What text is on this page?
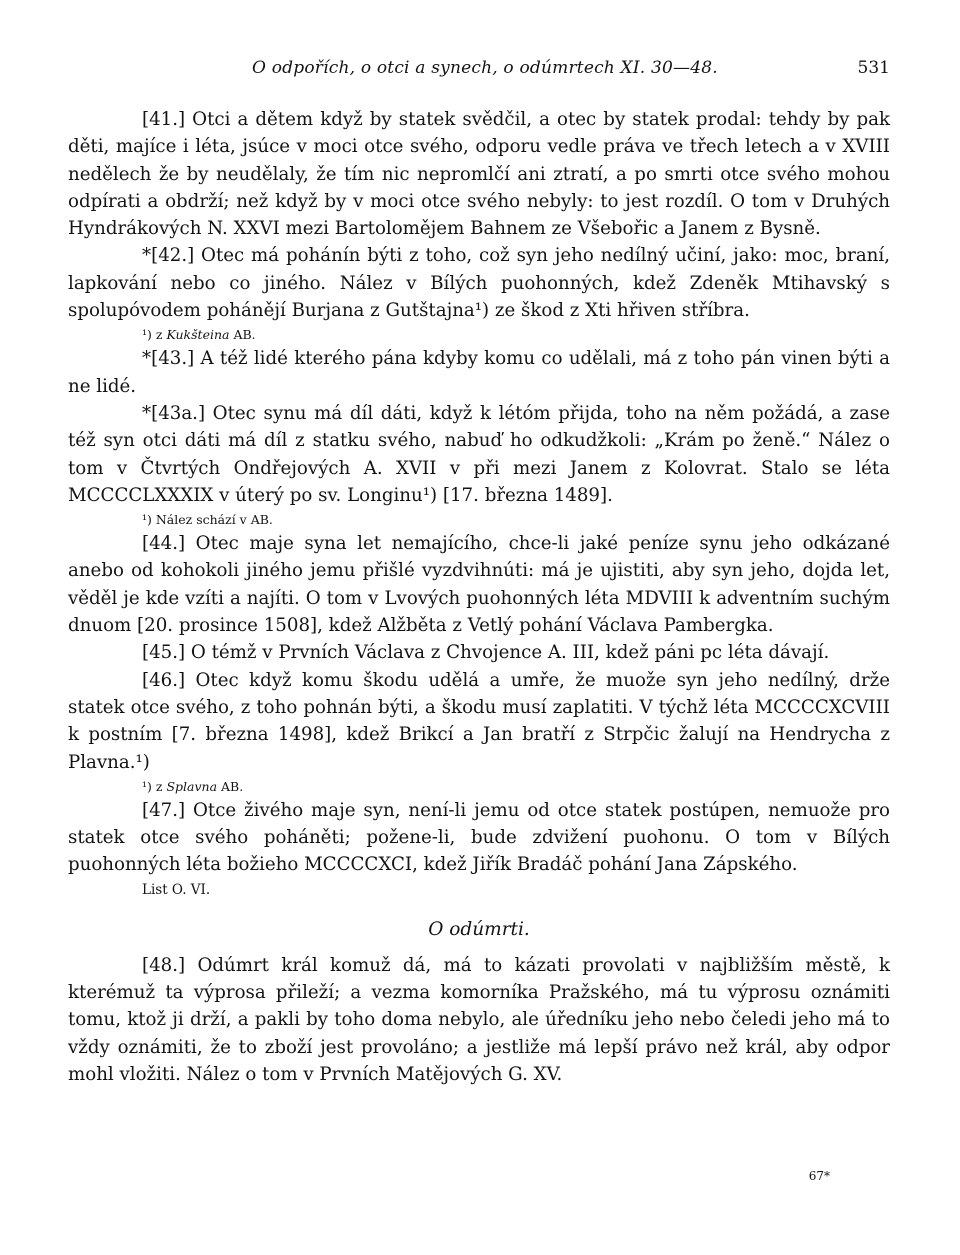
O odpořích, o otci a synech, o odúmrtech XI. 30—48.	531

[41.] Otci a dětem když by statek svědčil, a otec by statek prodal: tehdy by pak děti, majíce i léta, jsúce v moci otce svého, odporu vedle práva ve třech letech a v XVIII nedělech že by neudělaly, že tím nic nepromlčí ani ztratí, a po smrti otce svého mohou odpírati a obdrží; než když by v moci otce svého nebyly: to jest rozdíl. O tom v Druhých Hyndrákových N. XXVI mezi Bartolomějem Bahnem ze Všebořic a Janem z Bysně.

*[42.] Otec má pohánín býti z toho, což syn jeho nedílný učiní, jako: moc, braní, lapkování nebo co jiného. Nález v Bílých puohonných, kdež Zdeněk Mtihavský s spolupóvodem pohánějí Burjana z Gutštajna¹) ze škod z Xti hřiven stříbra.

¹) z Kukšteina AB.

*[43.] A též lidé kterého pána kdyby komu co udělali, má z toho pán vinen býti a ne lidé.

*[43a.] Otec synu má díl dáti, když k létóm přijda, toho na něm požádá, a zase též syn otci dáti má díl z statku svého, nabuď ho odkudžkoli: „Krám po ženě.“ Nález o tom v Čtvrtých Ondřejových A. XVII v při mezi Janem z Kolovrat. Stalo se léta MCCCCLXXXIX v úterý po sv. Longinu¹) [17. března 1489].

¹) Nález schází v AB.

[44.] Otec maje syna let nemajícího, chce-li jaké peníze synu jeho odkázané anebo od kohokoli jiného jemu přišlé vyzdvihnúti: má je ujistiti, aby syn jeho, dojda let, věděl je kde vzíti a najíti. O tom v Lvových puohonných léta MDVIII k adventním suchým dnuom [20. prosince 1508], kdež Alžběta z Vetlý pohání Václava Pambergka.

[45.] O témž v Prvních Václava z Chvojence A. III, kdež páni pc léta dávají.

[46.] Otec když komu škodu udělá a umře, že muože syn jeho nedílný, drže statek otce svého, z toho pohnán býti, a škodu musí zaplatiti. V týchž léta MCCCCXCVIII k postním [7. března 1498], kdež Brikcí a Jan bratří z Strpčic žalují na Hendrycha z Plavna.¹)

¹) z Splavna AB.

[47.] Otce živého maje syn, není-li jemu od otce statek postúpen, nemuože pro statek otce svého poháněti; požene-li, bude zdvižení puohonu. O tom v Bílých puohonných léta božieho MCCCCXCI, kdež Jiřík Bradáč pohání Jana Zápského.

List O. VI.

O odúmrti.

[48.] Odúmrt král komuž dá, má to kázati provolati v najbližším městě, k kterémuž ta výprosa přileží; a vezma komorníka Pražského, má tu výprosu oznámiti tomu, ktož ji drží, a pakli by toho doma nebylo, ale úředníku jeho nebo čeledi jeho má to vždy oznámiti, že to zboží jest provoláno; a jestliže má lepší právo než král, aby odpor mohl vložiti. Nález o tom v Prvních Matějových G. XV.

67*
